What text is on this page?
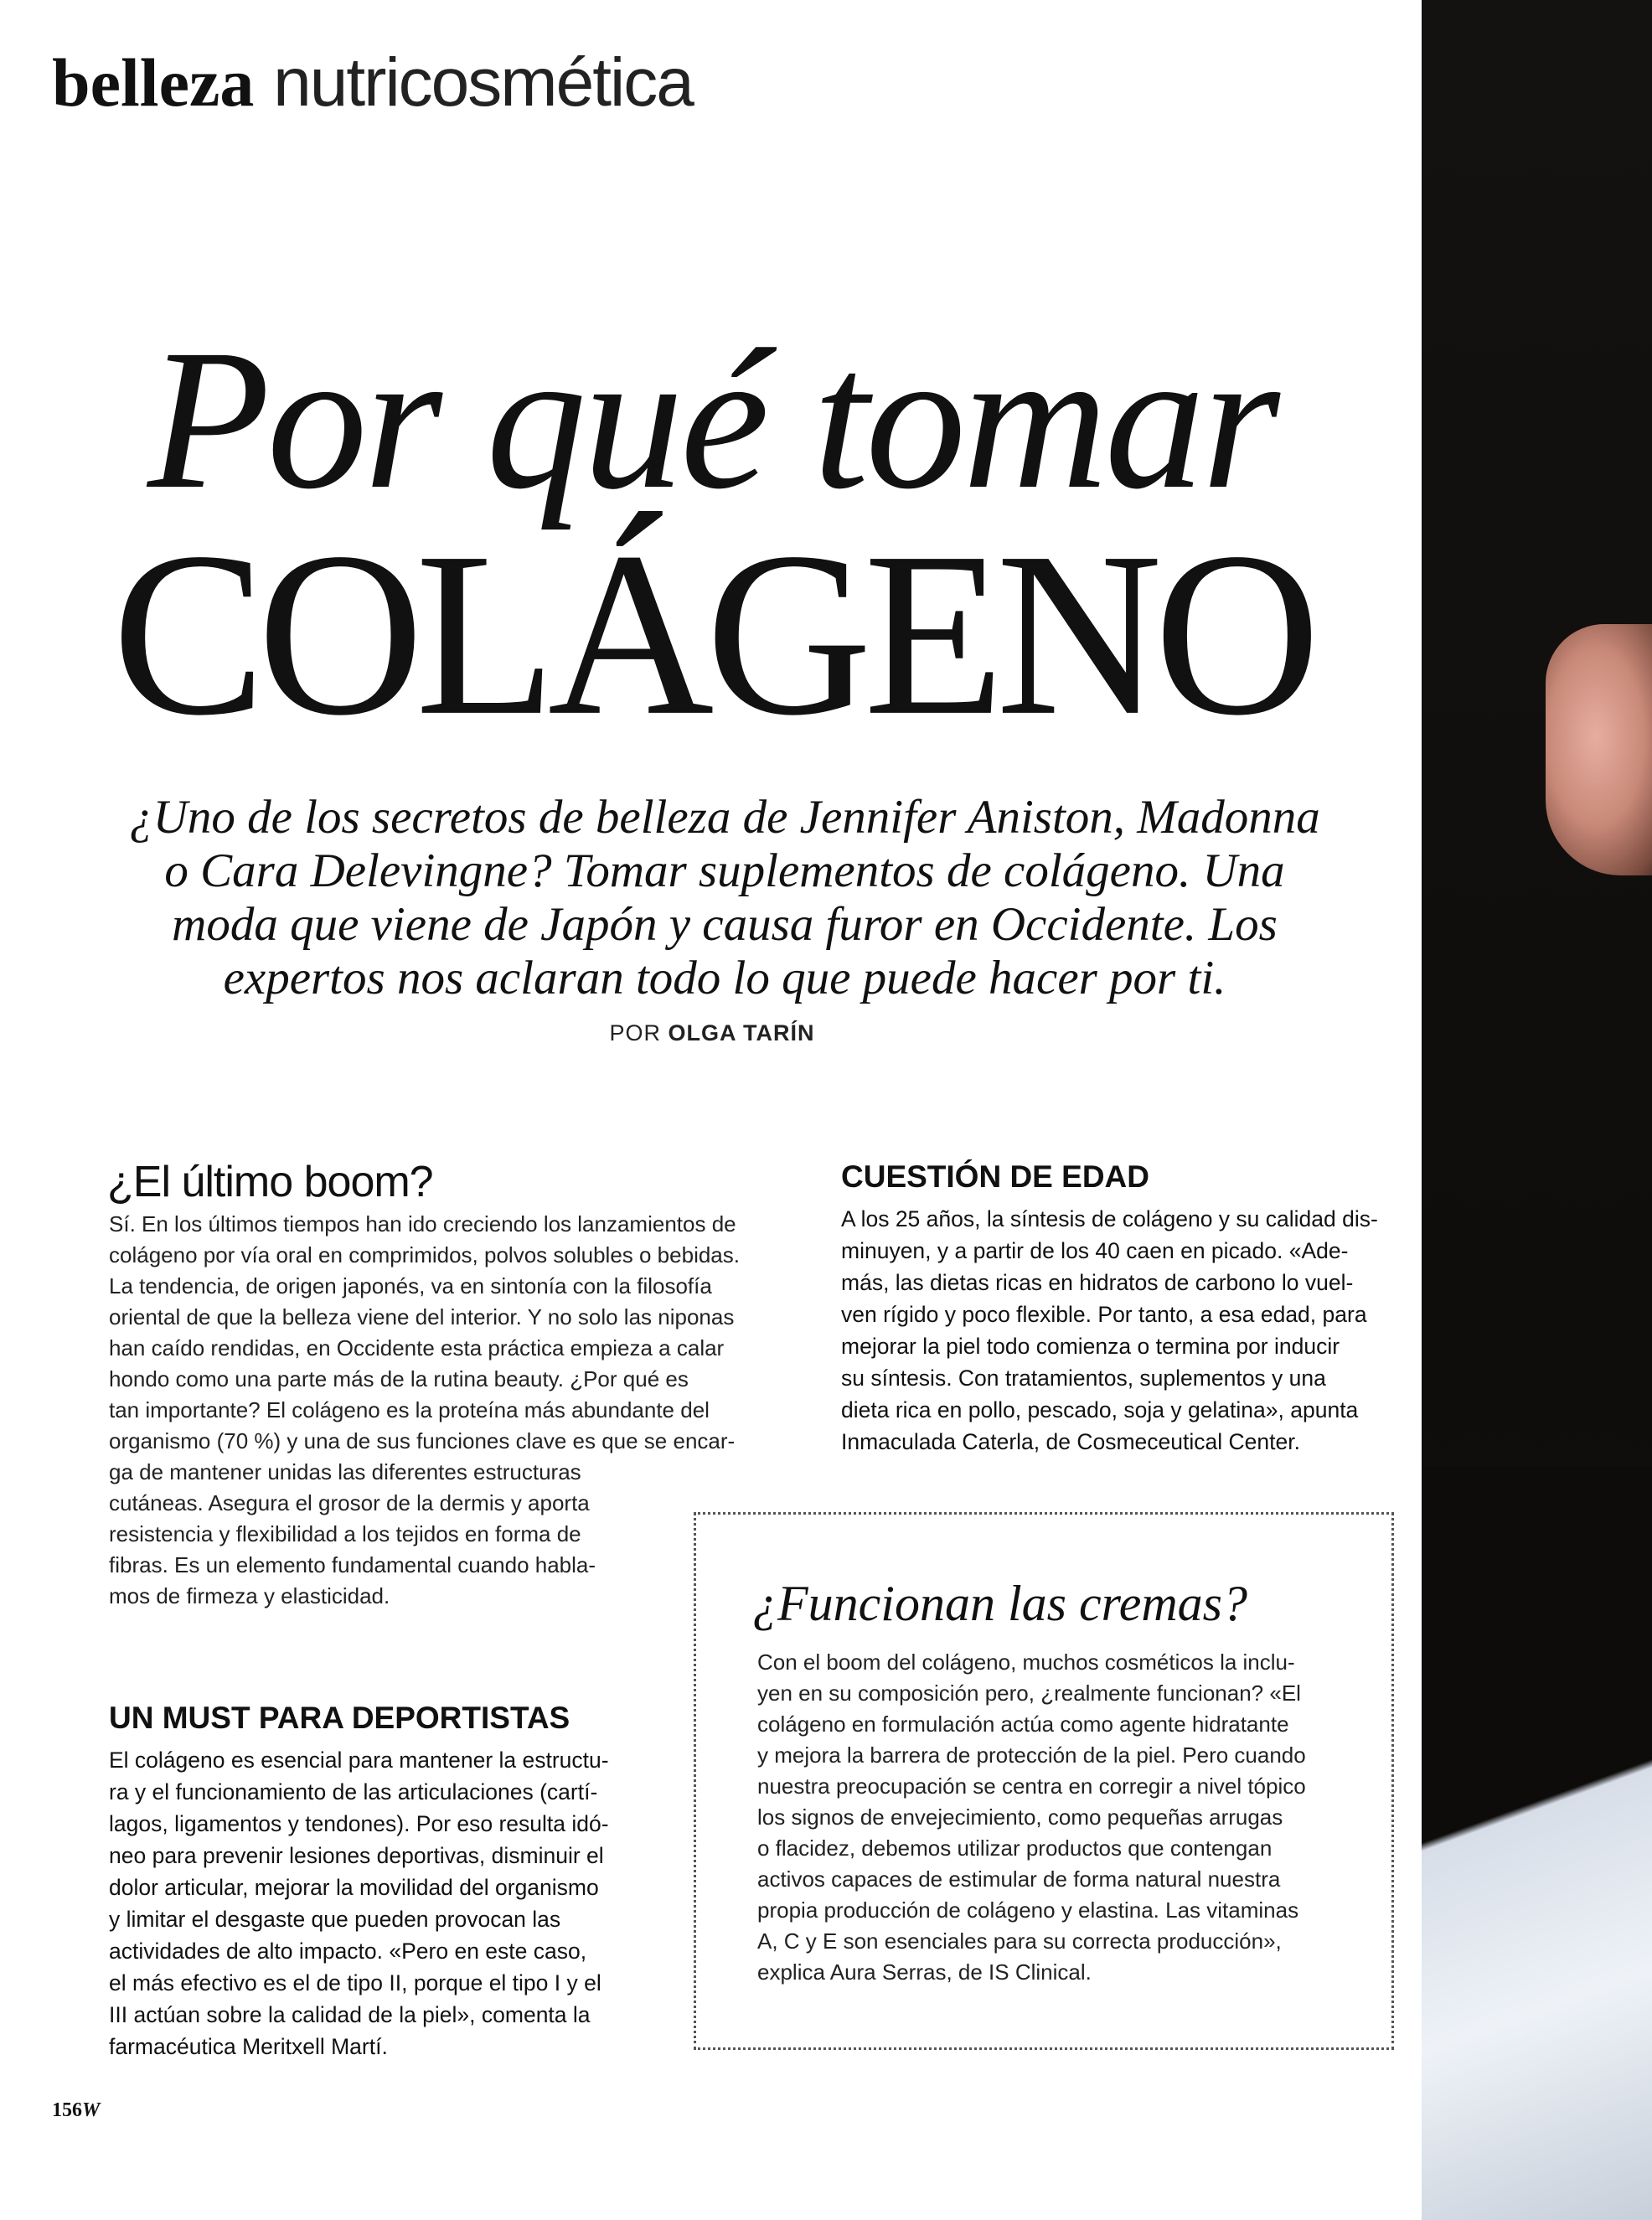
belleza nutricosmética
Por qué tomar
COLÁGENO
¿Uno de los secretos de belleza de Jennifer Aniston, Madonna o Cara Delevingne? Tomar suplementos de colágeno. Una moda que viene de Japón y causa furor en Occidente. Los expertos nos aclaran todo lo que puede hacer por ti.
POR OLGA TARÍN
¿El último boom?
Sí. En los últimos tiempos han ido creciendo los lanzamientos de
colágeno por vía oral en comprimidos, polvos solubles o bebidas.
La tendencia, de origen japonés, va en sintonía con la filosofía
oriental de que la belleza viene del interior. Y no solo las niponas
han caído rendidas, en Occidente esta práctica empieza a calar
hondo como una parte más de la rutina beauty. ¿Por qué es
tan importante? El colágeno es la proteína más abundante del
organismo (70 %) y una de sus funciones clave es que se encar-
ga de mantener unidas las diferentes estructuras
cutáneas. Asegura el grosor de la dermis y aporta
resistencia y flexibilidad a los tejidos en forma de
fibras. Es un elemento fundamental cuando habla-
mos de firmeza y elasticidad.
UN MUST PARA DEPORTISTAS
El colágeno es esencial para mantener la estructu-
ra y el funcionamiento de las articulaciones (cartí-
lagos, ligamentos y tendones). Por eso resulta idó-
neo para prevenir lesiones deportivas, disminuir el
dolor articular, mejorar la movilidad del organismo
y limitar el desgaste que pueden provocan las
actividades de alto impacto. «Pero en este caso,
el más efectivo es el de tipo II, porque el tipo I y el
III actúan sobre la calidad de la piel», comenta la
farmacéutica Meritxell Martí.
CUESTIÓN DE EDAD
A los 25 años, la síntesis de colágeno y su calidad dis-
minuyen, y a partir de los 40 caen en picado. «Ade-
más, las dietas ricas en hidratos de carbono lo vuel-
ven rígido y poco flexible. Por tanto, a esa edad, para
mejorar la piel todo comienza o termina por inducir
su síntesis. Con tratamientos, suplementos y una
dieta rica en pollo, pescado, soja y gelatina», apunta
Inmaculada Caterla, de Cosmeceutical Center.
¿Funcionan las cremas?
Con el boom del colágeno, muchos cosméticos la inclu-
yen en su composición pero, ¿realmente funcionan? «El
colágeno en formulación actúa como agente hidratante
y mejora la barrera de protección de la piel. Pero cuando
nuestra preocupación se centra en corregir a nivel tópico
los signos de envejecimiento, como pequeñas arrugas
o flacidez, debemos utilizar productos que contengan
activos capaces de estimular de forma natural nuestra
propia producción de colágeno y elastina. Las vitaminas
A, C y E son esenciales para su correcta producción»,
explica Aura Serras, de IS Clinical.
156W
